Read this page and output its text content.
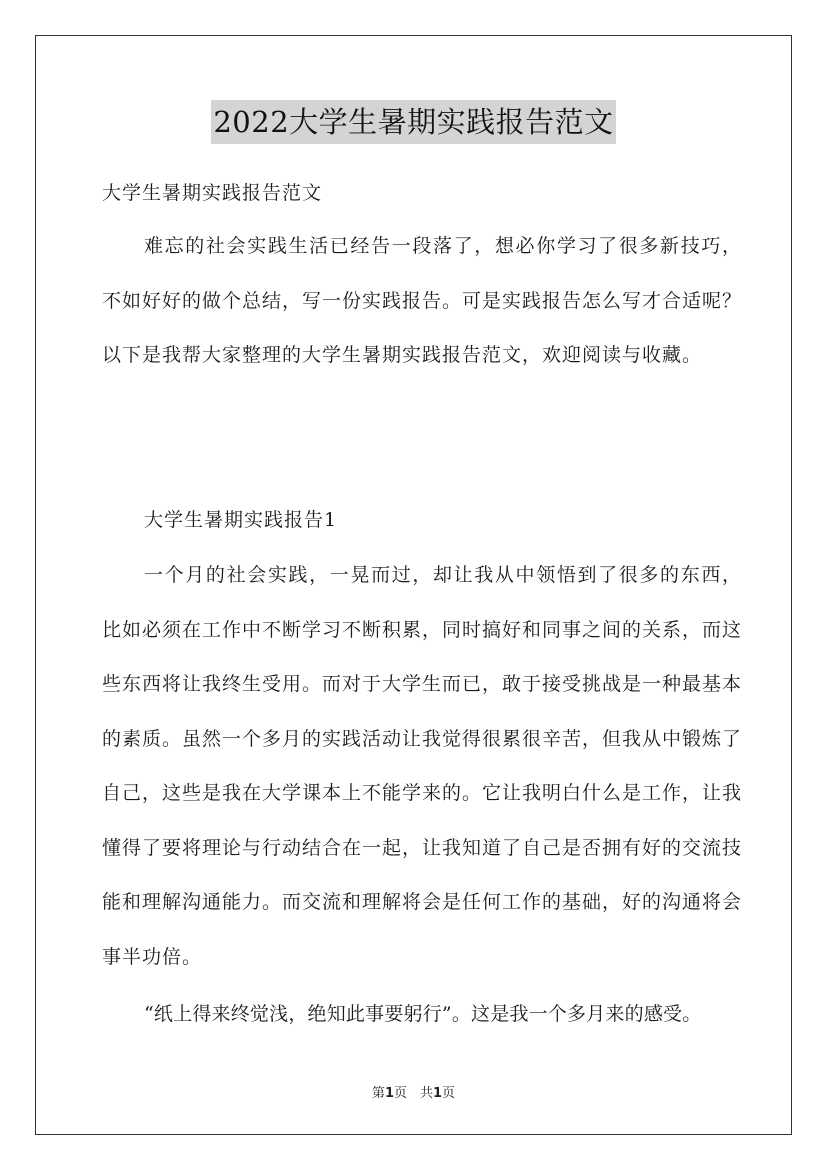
2022大学生暑期实践报告范文

大学生暑期实践报告范文

难忘的社会实践生活已经告一段落了，想必你学习了很多新技巧，不如好好的做个总结，写一份实践报告。可是实践报告怎么写才合适呢？以下是我帮大家整理的大学生暑期实践报告范文，欢迎阅读与收藏。

大学生暑期实践报告1

一个月的社会实践，一晃而过，却让我从中领悟到了很多的东西，比如必须在工作中不断学习不断积累，同时搞好和同事之间的关系，而这些东西将让我终生受用。而对于大学生而已，敢于接受挑战是一种最基本的素质。虽然一个多月的实践活动让我觉得很累很辛苦，但我从中锻炼了自己，这些是我在大学课本上不能学来的。它让我明白什么是工作，让我懂得了要将理论与行动结合在一起，让我知道了自己是否拥有好的交流技能和理解沟通能力。而交流和理解将会是任何工作的基础，好的沟通将会事半功倍。

“纸上得来终觉浅，绝知此事要躬行”。这是我一个多月来的感受。

第1页　共1页
